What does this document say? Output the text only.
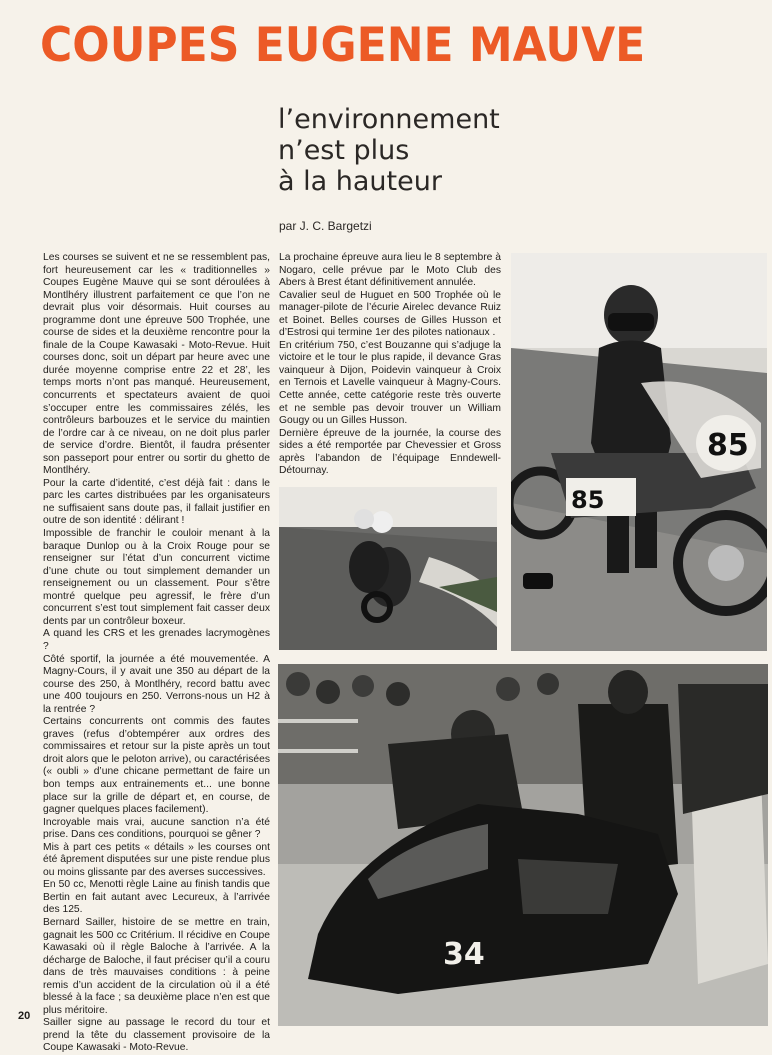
COUPES EUGENE MAUVE
l’environnement
n’est plus
à la hauteur
par J. C. Bargetzi

Les courses se suivent et ne se ressemblent pas, fort heureusement car les « traditionnelles » Coupes Eugène Mauve qui se sont déroulées à Montlhéry illustrent parfaitement ce que l’on ne devrait plus voir désormais. Huit courses au programme dont une épreuve 500 Trophée, une course de sides et la deuxième rencontre pour la finale de la Coupe Kawasaki - Moto-Revue. Huit courses donc, soit un départ par heure avec une durée moyenne comprise entre 22 et 28’, les temps morts n’ont pas manqué. Heureusement, concurrents et spectateurs avaient de quoi s’occuper entre les commissaires zélés, les contrôleurs barbouzes et le service du maintien de l’ordre car à ce niveau, on ne doit plus parler de service d’ordre. Bientôt, il faudra présenter son passeport pour entrer ou sortir du ghetto de Montlhéry.

Pour la carte d’identité, c’est déjà fait : dans le parc les cartes distribuées par les organisateurs ne suffisaient sans doute pas, il fallait justifier en outre de son identité : délirant !

Impossible de franchir le couloir menant à la baraque Dunlop ou à la Croix Rouge pour se renseigner sur l’état d’un concurrent victime d’une chute ou tout simplement demander un renseignement ou un classement. Pour s’être montré quelque peu agressif, le frère d’un concurrent s’est tout simplement fait casser deux dents par un contrôleur boxeur.

A quand les CRS et les grenades lacrymogènes ?

Côté sportif, la journée a été mouvementée. A Magny-Cours, il y avait une 350 au départ de la course des 250, à Montlhéry, record battu avec une 400 toujours en 250. Verrons-nous un H2 à la rentrée ?

Certains concurrents ont commis des fautes graves (refus d’obtempérer aux ordres des commissaires et retour sur la piste après un tout droit alors que le peloton arrive), ou caractérisées (« oubli » d’une chicane permettant de faire un bon temps aux entrainements et... une bonne place sur la grille de départ et, en course, de gagner quelques places facilement).

Incroyable mais vrai, aucune sanction n’a été prise. Dans ces conditions, pourquoi se gêner ?

Mis à part ces petits « détails » les courses ont été âprement disputées sur une piste rendue plus ou moins glissante par des averses successives.

En 50 cc, Menotti règle Laine au finish tandis que Bertin en fait autant avec Lecureux, à l’arrivée des 125.

Bernard Sailler, histoire de se mettre en train, gagnait les 500 cc Critérium. Il récidive en Coupe Kawasaki où il règle Baloche à l’arrivée. A la décharge de Baloche, il faut préciser qu’il a couru dans de très mauvaises conditions : à peine remis d’un accident de la circulation où il a été blessé à la face ; sa deuxième place n’en est que plus méritoire.

Sailler signe au passage le record du tour et prend la tête du classement provisoire de la Coupe Kawasaki - Moto-Revue.

La prochaine épreuve aura lieu le 8 septembre à Nogaro, celle prévue par le Moto Club des Abers à Brest étant définitivement annulée.

Cavalier seul de Huguet en 500 Trophée où le manager-pilote de l’écurie Airelec devance Ruiz et Boinet. Belles courses de Gilles Husson et d’Estrosi qui termine 1er des pilotes nationaux .

En critérium 750, c’est Bouzanne qui s’adjuge la victoire et le tour le plus rapide, il devance Gras vainqueur à Dijon, Poidevin vainqueur à Croix en Ternois et Lavelle vainqueur à Magny-Cours. Cette année, cette catégorie reste très ouverte et ne semble pas devoir trouver un William Gougy ou un Gilles Husson.

Dernière épreuve de la journée, la course des sides a été remportée par Chevessier et Gross après l’abandon de l’équipage Enndewell-Détournay.

85
85
34
20
